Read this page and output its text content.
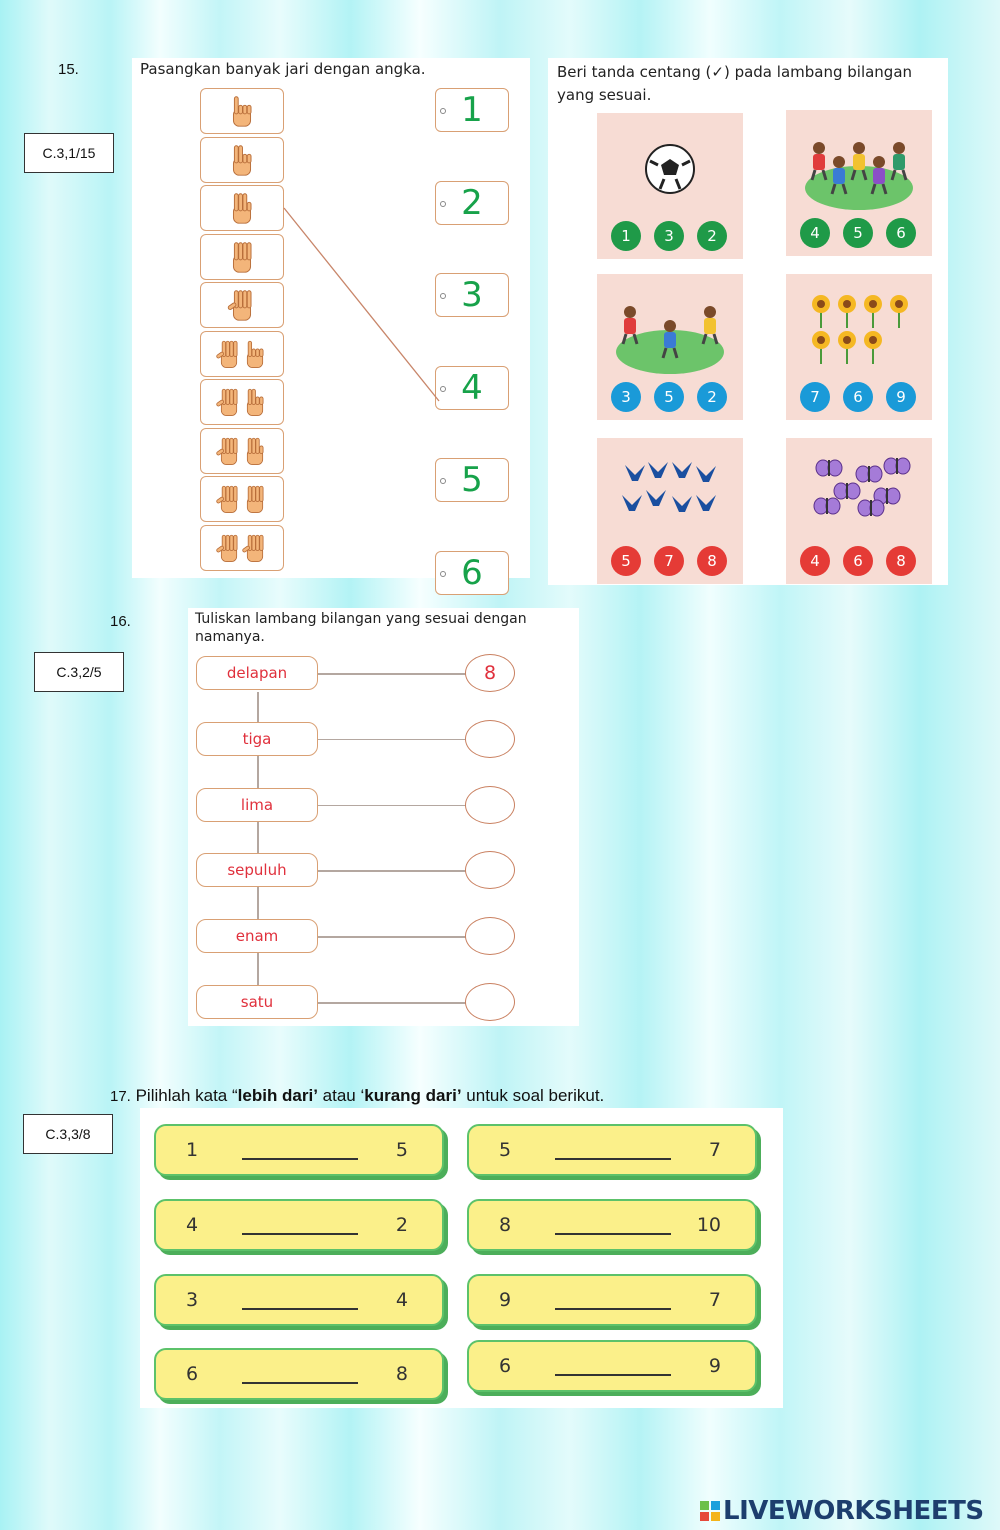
15.
C.3,1/15
Pasangkan banyak jari dengan angka.
1
2
3
4
5
6
Beri tanda centang (✓) pada lambang bilangan
yang sesuai.
1	3	2	4	5	6
3	5	2	7	6	9
5	7	8	4	6	8
16.
C.3,2/5
Tuliskan lambang bilangan yang sesuai dengan
namanya.
delapan	8
tiga
lima
sepuluh
enam
satu
17. Pilihlah kata “lebih dari’ atau ‘kurang dari’ untuk soal berikut.
C.3,3/8
1	5	5	7
4	2	8	10
3	4	9	7
6	8	6	9
LIVEWORKSHEETS
